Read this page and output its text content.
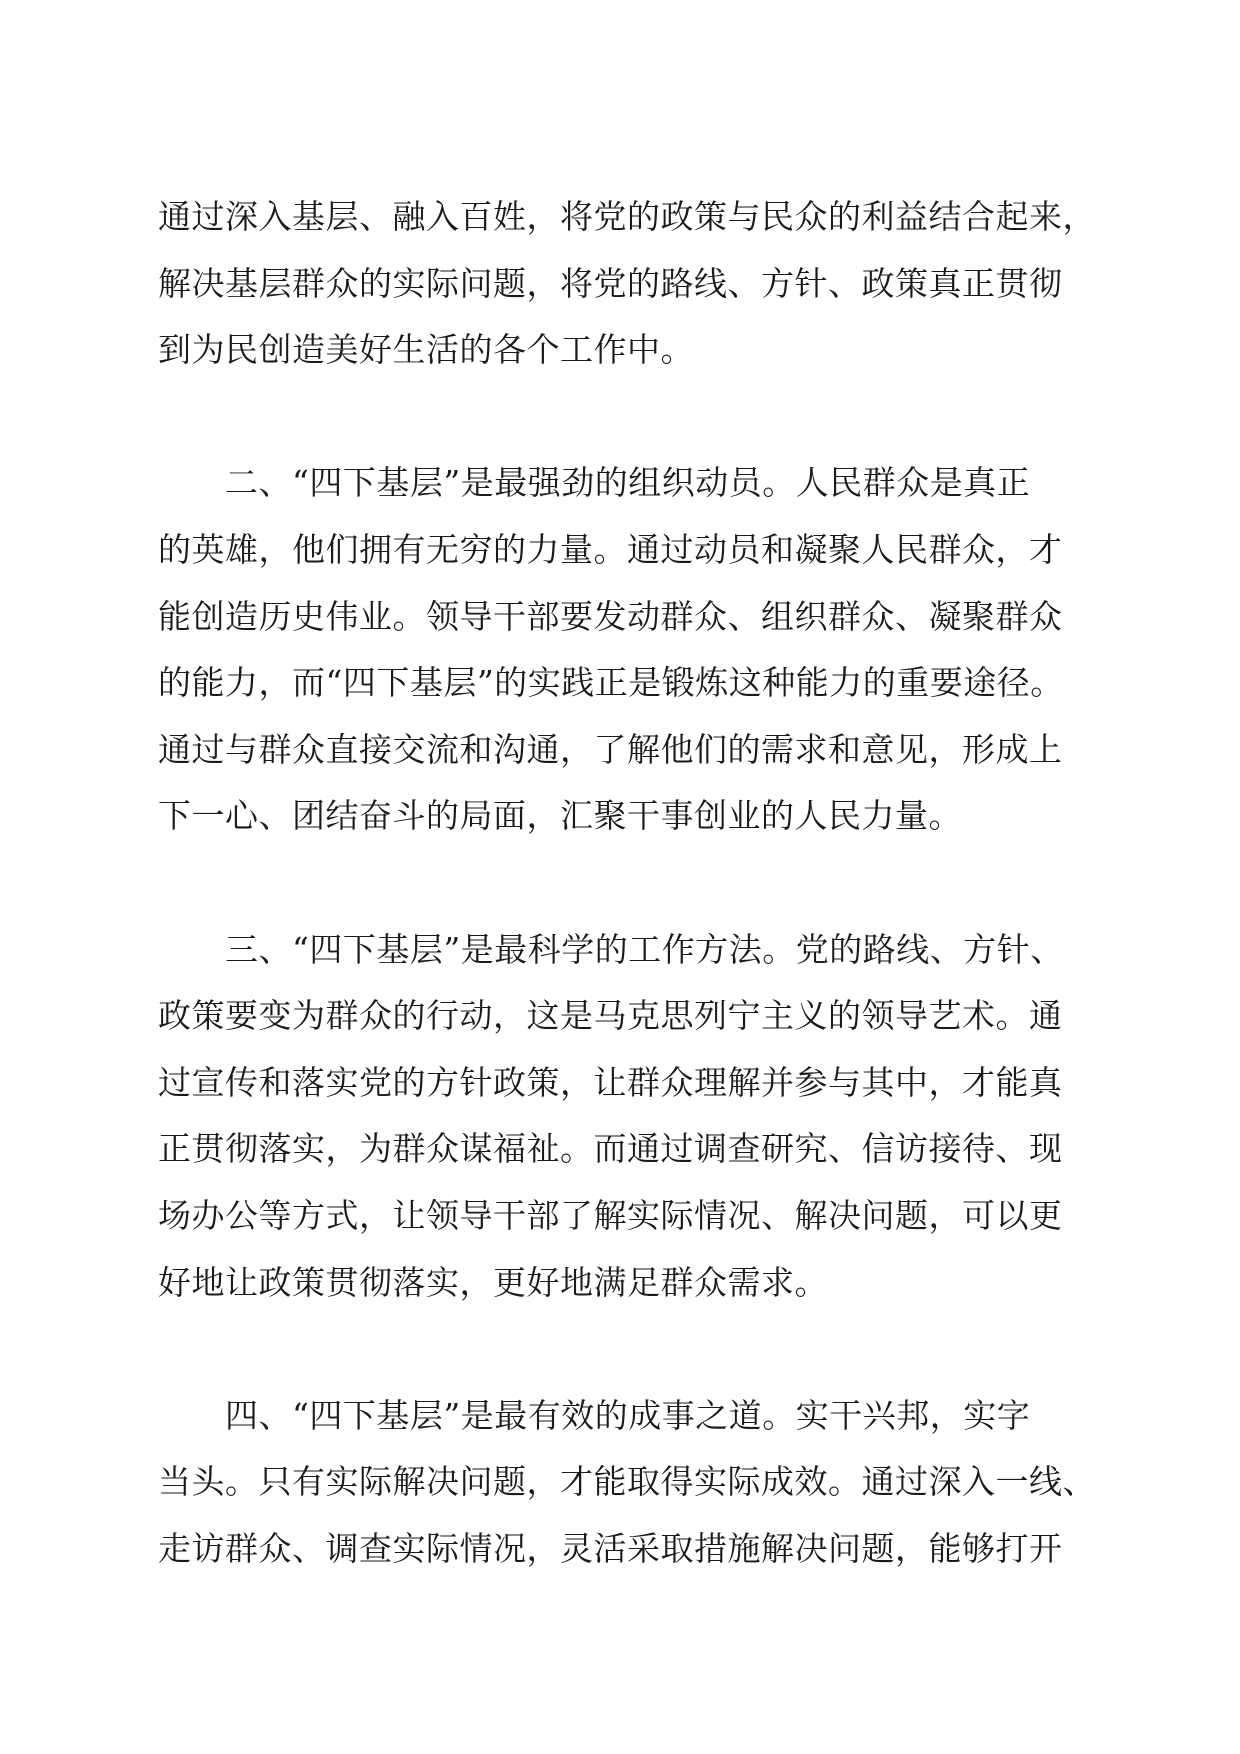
通过深入基层、融入百姓，将党的政策与民众的利益结合起来，
解决基层群众的实际问题，将党的路线、方针、政策真正贯彻
到为民创造美好生活的各个工作中。

二、“四下基层”是最强劲的组织动员。人民群众是真正
的英雄，他们拥有无穷的力量。通过动员和凝聚人民群众，才
能创造历史伟业。领导干部要发动群众、组织群众、凝聚群众
的能力，而“四下基层”的实践正是锻炼这种能力的重要途径。
通过与群众直接交流和沟通，了解他们的需求和意见，形成上
下一心、团结奋斗的局面，汇聚干事创业的人民力量。

三、“四下基层”是最科学的工作方法。党的路线、方针、
政策要变为群众的行动，这是马克思列宁主义的领导艺术。通
过宣传和落实党的方针政策，让群众理解并参与其中，才能真
正贯彻落实，为群众谋福祉。而通过调查研究、信访接待、现
场办公等方式，让领导干部了解实际情况、解决问题，可以更
好地让政策贯彻落实，更好地满足群众需求。

四、“四下基层”是最有效的成事之道。实干兴邦，实字
当头。只有实际解决问题，才能取得实际成效。通过深入一线、
走访群众、调查实际情况，灵活采取措施解决问题，能够打开
